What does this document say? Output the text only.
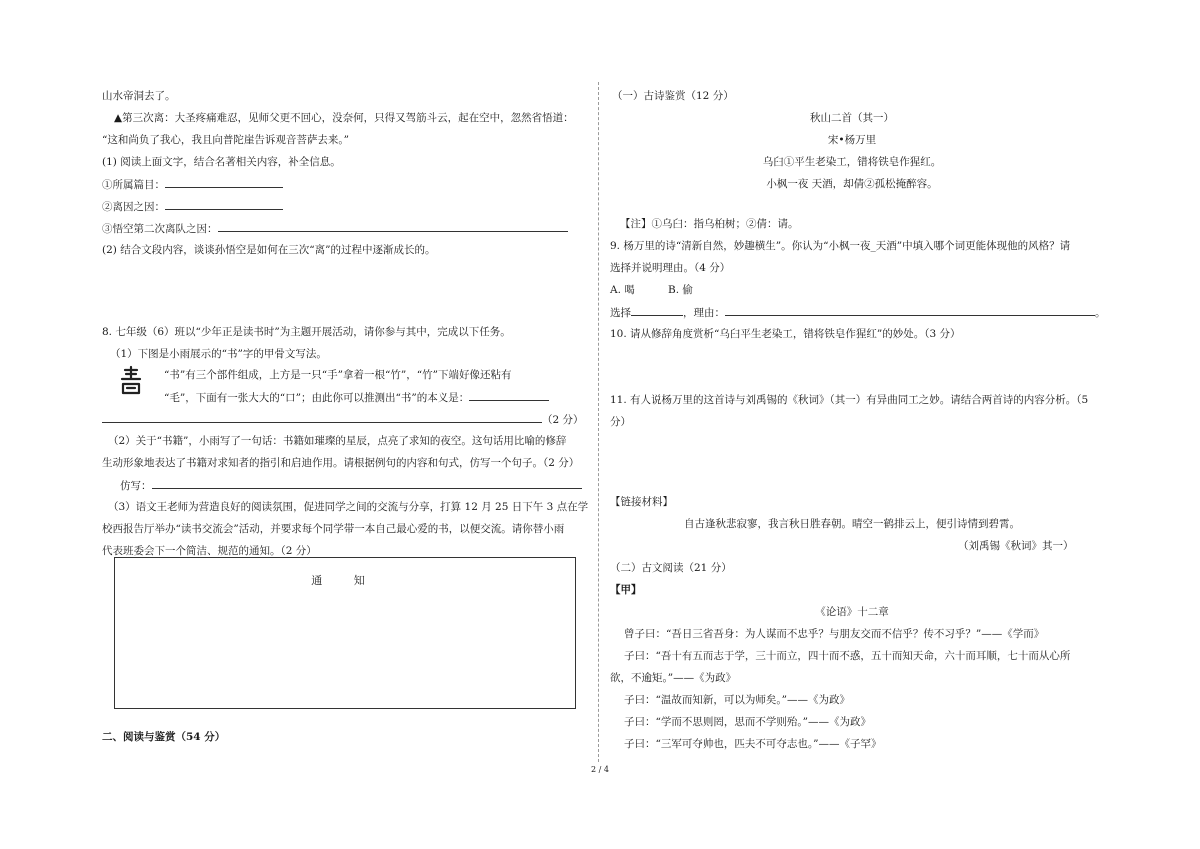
山水帝洞去了。
▲第三次离：大圣疼痛难忍，见师父更不回心，没奈何，只得又驾筋斗云，起在空中，忽然省悟道：
“这和尚负了我心，我且向普陀崖告诉观音菩萨去来。”
(1) 阅读上面文字，结合名著相关内容，补全信息。
①所属篇目：
②离因之因：
③悟空第二次离队之因：
(2) 结合文段内容，谈谈孙悟空是如何在三次“离”的过程中逐渐成长的。
8. 七年级（6）班以“少年正是读书时”为主题开展活动，请你参与其中，完成以下任务。
（1）下图是小雨展示的“书”字的甲骨文写法。
“书”有三个部件组成，上方是一只“手”拿着一根“竹”，“竹”下端好像还粘有
“毛”，下面有一张大大的“口”；由此你可以推测出“书”的本义是：
（2 分）
（2）关于“书籍”，小雨写了一句话：书籍如璀璨的星辰，点亮了求知的夜空。这句话用比喻的修辞
生动形象地表达了书籍对求知者的指引和启迪作用。请根据例句的内容和句式，仿写一个句子。（2 分）
仿写：
（3）语文王老师为营造良好的阅读氛围，促进同学之间的交流与分享，打算 12 月 25 日下午 3 点在学
校西报告厅举办“读书交流会”活动，并要求每个同学带一本自己最心爱的书，以便交流。请你替小雨
代表班委会下一个简洁、规范的通知。（2 分）
通 知
二、阅读与鉴赏（54 分）
（一）古诗鉴赏（12 分）
秋山二首（其一）
宋•杨万里
乌臼①平生老染工，错将铁皂作猩红。
小枫一夜 天酒，却倩②孤松掩醉容。
【注】①乌臼：指乌桕树；②倩：请。
9. 杨万里的诗“清新自然，妙趣横生”。你认为“小枫一夜_天酒”中填入哪个词更能体现他的风格？请
选择并说明理由。（4 分）
A. 喝	B. 偷
选择	，理由：	。
10. 请从修辞角度赏析“乌臼平生老染工，错将铁皂作猩红”的妙处。（3 分）
11. 有人说杨万里的这首诗与刘禹锡的《秋词》（其一）有异曲同工之妙。请结合两首诗的内容分析。（5
分）
【链接材料】
自古逢秋悲寂寥，我言秋日胜春朝。晴空一鹤排云上，便引诗情到碧霄。
（刘禹锡《秋词》其一）
（二）古文阅读（21 分）
【甲】
《论语》十二章
曾子曰：“吾日三省吾身：为人谋而不忠乎？与朋友交而不信乎？传不习乎？”——《学而》
子曰：“吾十有五而志于学，三十而立，四十而不惑，五十而知天命，六十而耳顺，七十而从心所
欲，不逾矩。”——《为政》
子曰：“温故而知新，可以为师矣。”——《为政》
子曰：“学而不思则罔，思而不学则殆。”——《为政》
子曰：“三军可夺帅也，匹夫不可夺志也。”——《子罕》
2 / 4
